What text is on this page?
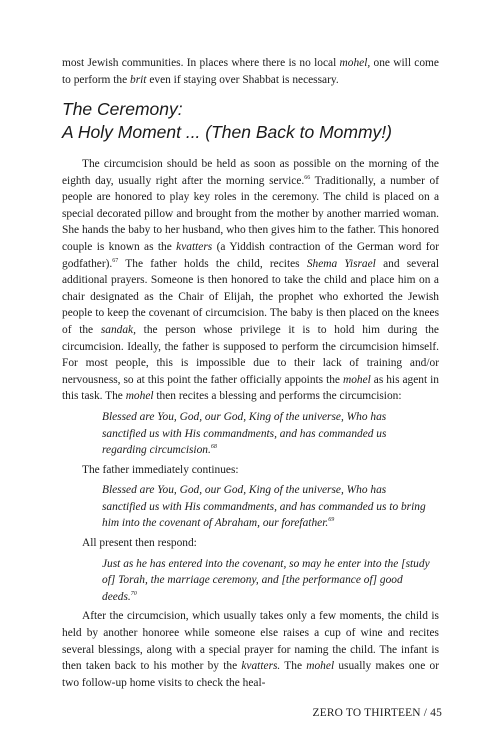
most Jewish communities. In places where there is no local mohel, one will come to perform the brit even if staying over Shabbat is necessary.
The Ceremony:
A Holy Moment ... (Then Back to Mommy!)

The circumcision should be held as soon as possible on the morning of the eighth day, usually right after the morning service.$^{66}$ Traditionally, a number of people are honored to play key roles in the ceremony. The child is placed on a special decorated pillow and brought from the mother by another married woman. She hands the baby to her husband, who then gives him to the father. This honored couple is known as the kvatters (a Yiddish contraction of the German word for godfather).$^{67}$ The father holds the child, recites Shema Yisrael and several additional prayers. Someone is then honored to take the child and place him on a chair designated as the Chair of Elijah, the prophet who exhorted the Jewish people to keep the covenant of circumcision. The baby is then placed on the knees of the sandak, the person whose privilege it is to hold him during the circumcision. Ideally, the father is supposed to perform the circumcision himself. For most people, this is impossible due to their lack of training and/or nervousness, so at this point the father officially appoints the mohel as his agent in this task. The mohel then recites a blessing and performs the circumcision:

Blessed are You, God, our God, King of the universe, Who has sanctified us with His commandments, and has commanded us regarding circumcision.$^{68}$

The father immediately continues:

Blessed are You, God, our God, King of the universe, Who has sanctified us with His commandments, and has commanded us to bring him into the covenant of Abraham, our forefather.$^{69}$

All present then respond:

Just as he has entered into the covenant, so may he enter into the [study of] Torah, the marriage ceremony, and [the performance of] good deeds.$^{70}$

After the circumcision, which usually takes only a few moments, the child is held by another honoree while someone else raises a cup of wine and recites several blessings, along with a special prayer for naming the child. The infant is then taken back to his mother by the kvatters. The mohel usually makes one or two follow-up home visits to check the heal-

ZERO TO THIRTEEN / 45
